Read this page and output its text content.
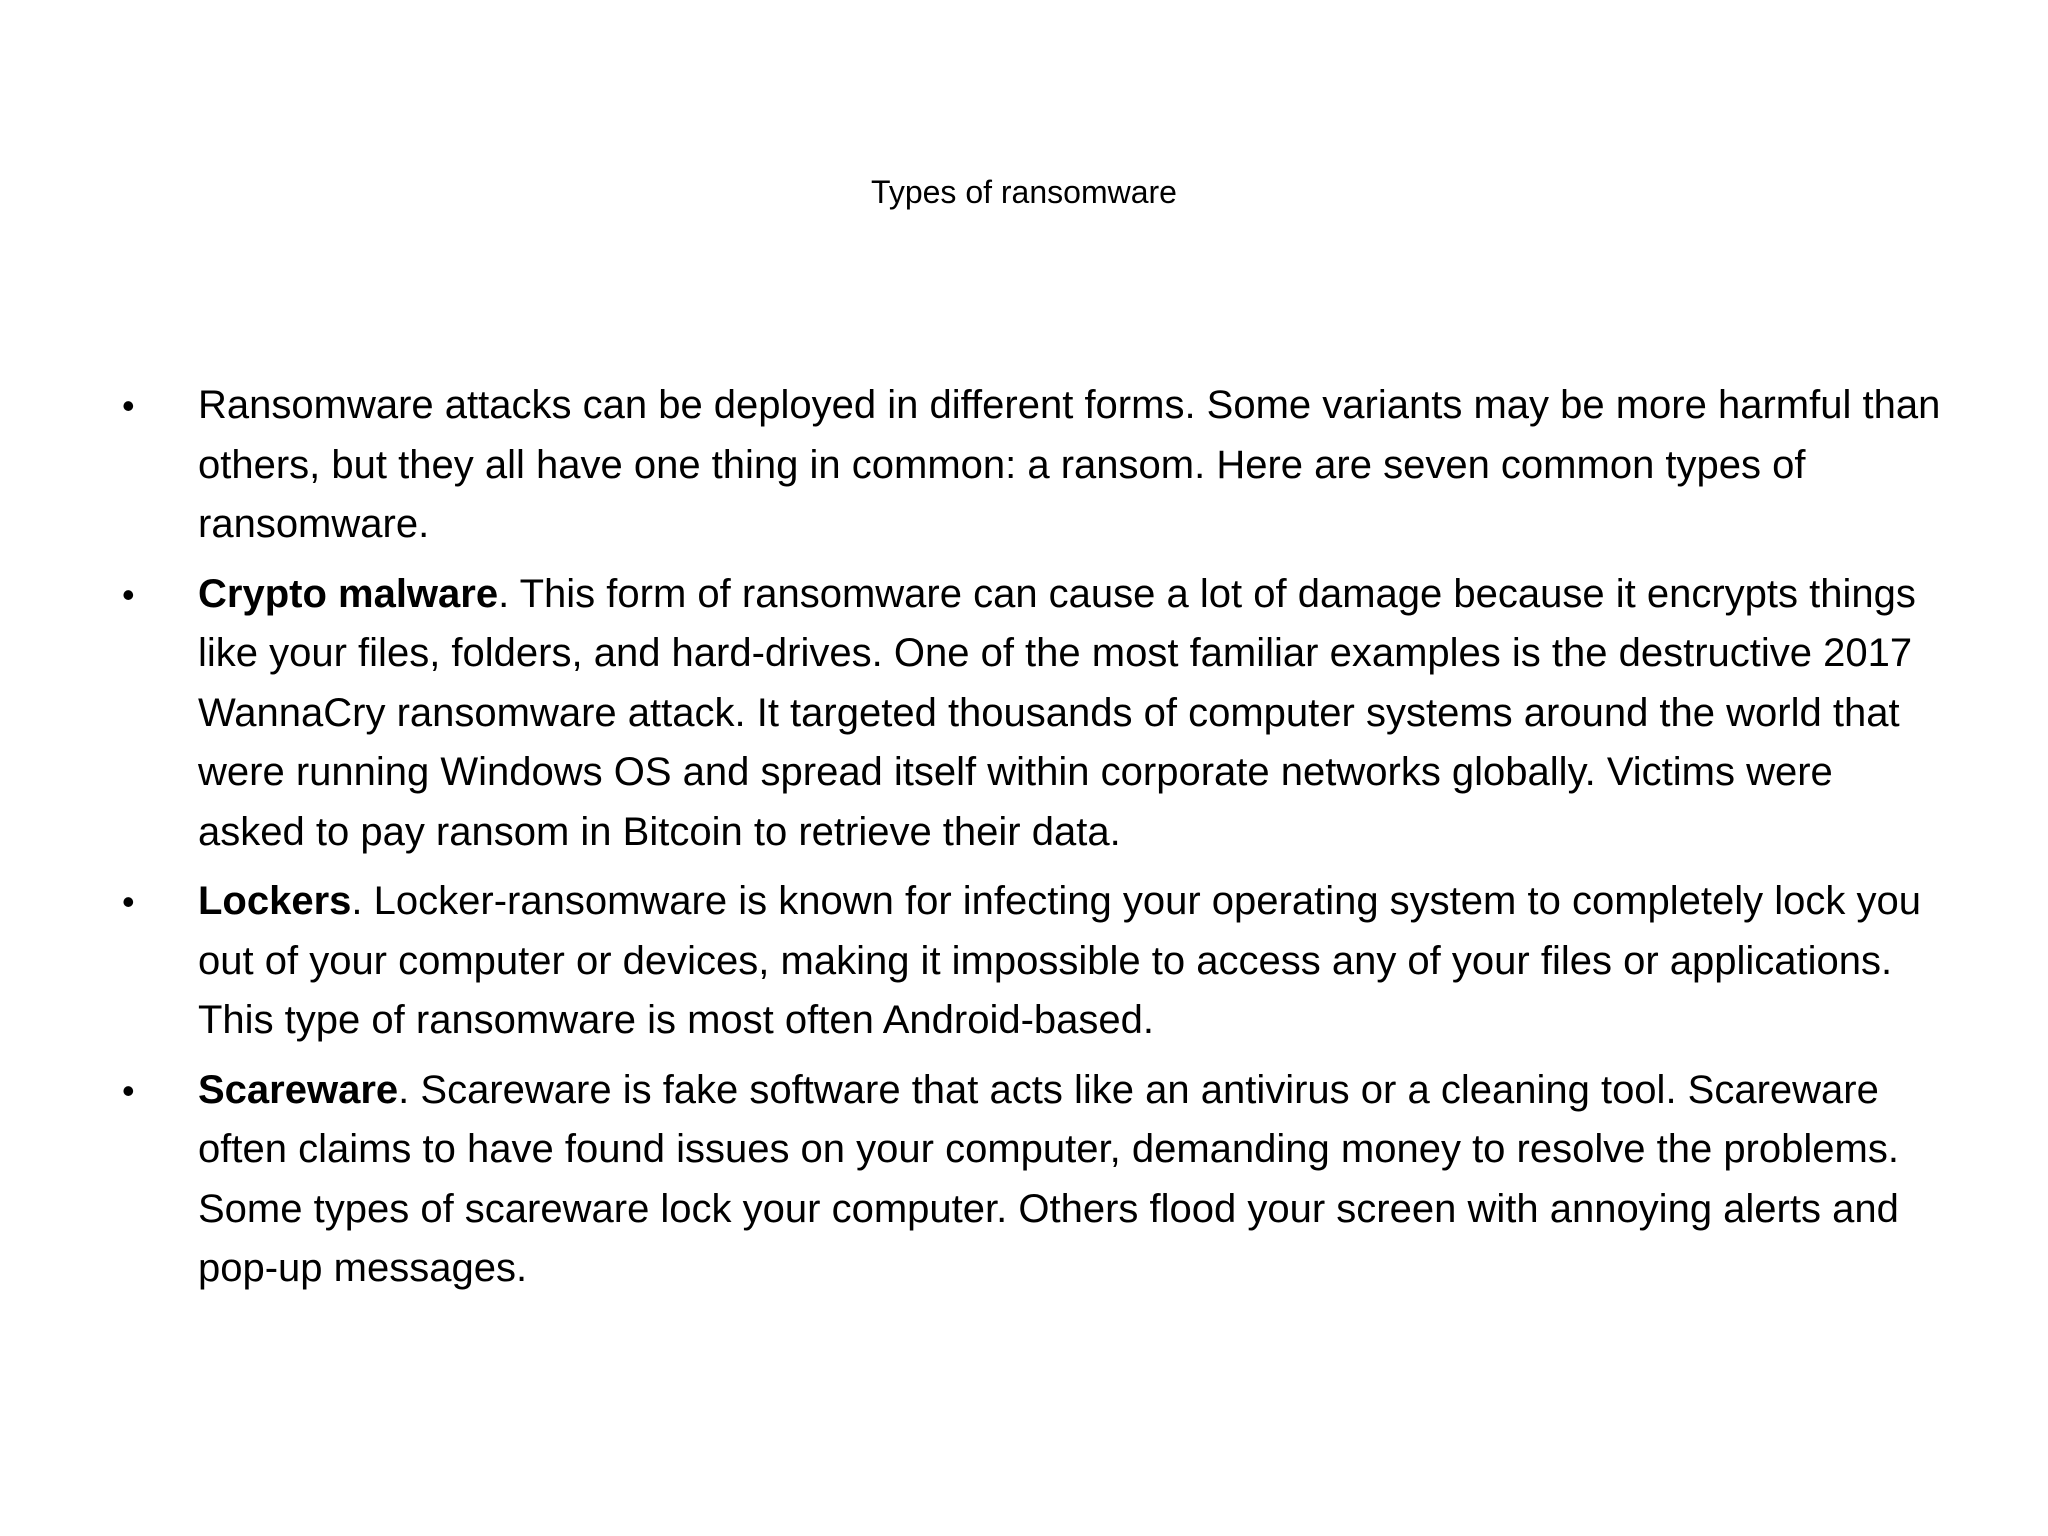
Types of ransomware
• Ransomware attacks can be deployed in different forms. Some variants may be more harmful than others, but they all have one thing in common: a ransom. Here are seven common types of ransomware.
• Crypto malware. This form of ransomware can cause a lot of damage because it encrypts things like your files, folders, and hard-drives. One of the most familiar examples is the destructive 2017 WannaCry ransomware attack. It targeted thousands of computer systems around the world that were running Windows OS and spread itself within corporate networks globally. Victims were asked to pay ransom in Bitcoin to retrieve their data.
• Lockers. Locker-ransomware is known for infecting your operating system to completely lock you out of your computer or devices, making it impossible to access any of your files or applications. This type of ransomware is most often Android-based.
• Scareware. Scareware is fake software that acts like an antivirus or a cleaning tool. Scareware often claims to have found issues on your computer, demanding money to resolve the problems. Some types of scareware lock your computer. Others flood your screen with annoying alerts and pop-up messages.
